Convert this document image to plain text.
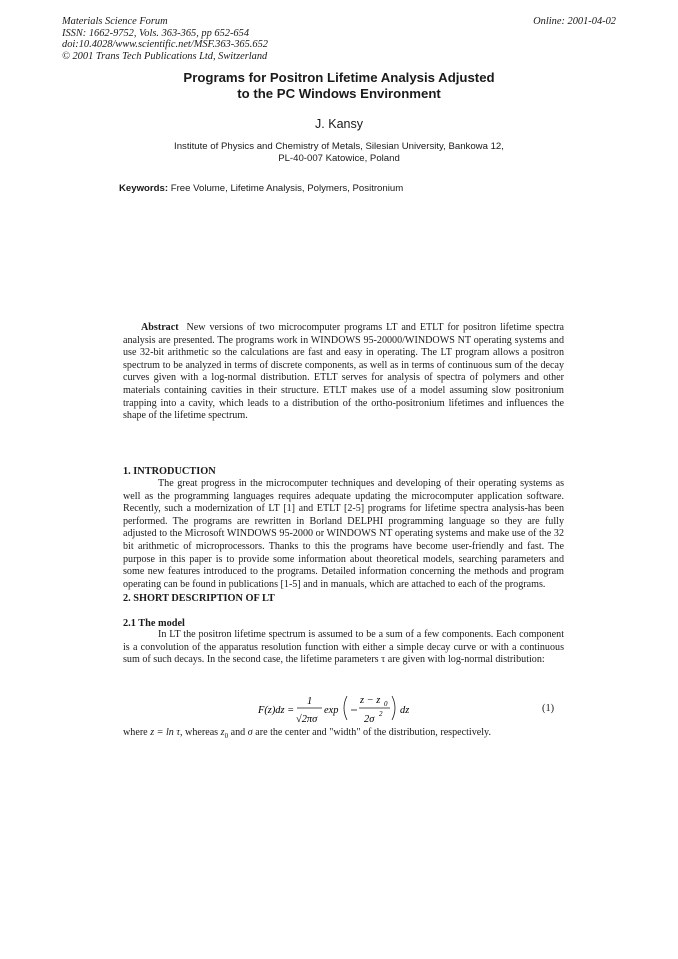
Materials Science Forum
ISSN: 1662-9752, Vols. 363-365, pp 652-654
doi:10.4028/www.scientific.net/MSF.363-365.652
© 2001 Trans Tech Publications Ltd, Switzerland
Online: 2001-04-02
Programs for Positron Lifetime Analysis Adjusted
to the PC Windows Environment
J. Kansy
Institute of Physics and Chemistry of Metals, Silesian University, Bankowa 12,
PL-40-007 Katowice, Poland
Keywords: Free Volume, Lifetime Analysis, Polymers, Positronium

Abstract New versions of two microcomputer programs LT and ETLT for positron lifetime spectra analysis are presented. The programs work in WINDOWS 95-20000/WINDOWS NT operating systems and use 32-bit arithmetic so the calculations are fast and easy in operating. The LT program allows a positron spectrum to be analyzed in terms of discrete components, as well as in terms of continuous sum of the decay curves given with a log-normal distribution. ETLT serves for analysis of spectra of polymers and other materials containing cavities in their structure. ETLT makes use of a model assuming slow positronium trapping into a cavity, which leads to a distribution of the ortho-positronium lifetimes and influences the shape of the lifetime spectrum.

1. INTRODUCTION

The great progress in the microcomputer techniques and developing of their operating systems as well as the programming languages requires adequate updating the microcomputer application software. Recently, such a modernization of LT [1] and ETLT [2-5] programs for lifetime spectra analysis-has been performed. The programs are rewritten in Borland DELPHI programming language so they are fully adjusted to the Microsoft WINDOWS 95-2000 or WINDOWS NT operating systems and make use of the 32 bit arithmetic of microprocessors. Thanks to this the programs have become user-friendly and fast. The purpose in this paper is to provide some information about theoretical models, searching parameters and some new features introduced to the programs. Detailed information concerning the methods and program operating can be found in publications [1-5] and in manuals, which are attached to each of the programs.

2. SHORT DESCRIPTION OF LT
2.1 The model

In LT the positron lifetime spectrum is assumed to be a sum of a few components. Each component is a convolution of the apparatus resolution function with either a simple decay curve or with a continuous sum of such decays. In the second case, the lifetime parameters τ are given with log-normal distribution:

F(z)dz =
1
√2πσ
exp
z − z 0
2σ 2 dz	(1)
where z = ln τ, whereas $z_0$ and σ are the center and "width" of the distribution, respectively.
